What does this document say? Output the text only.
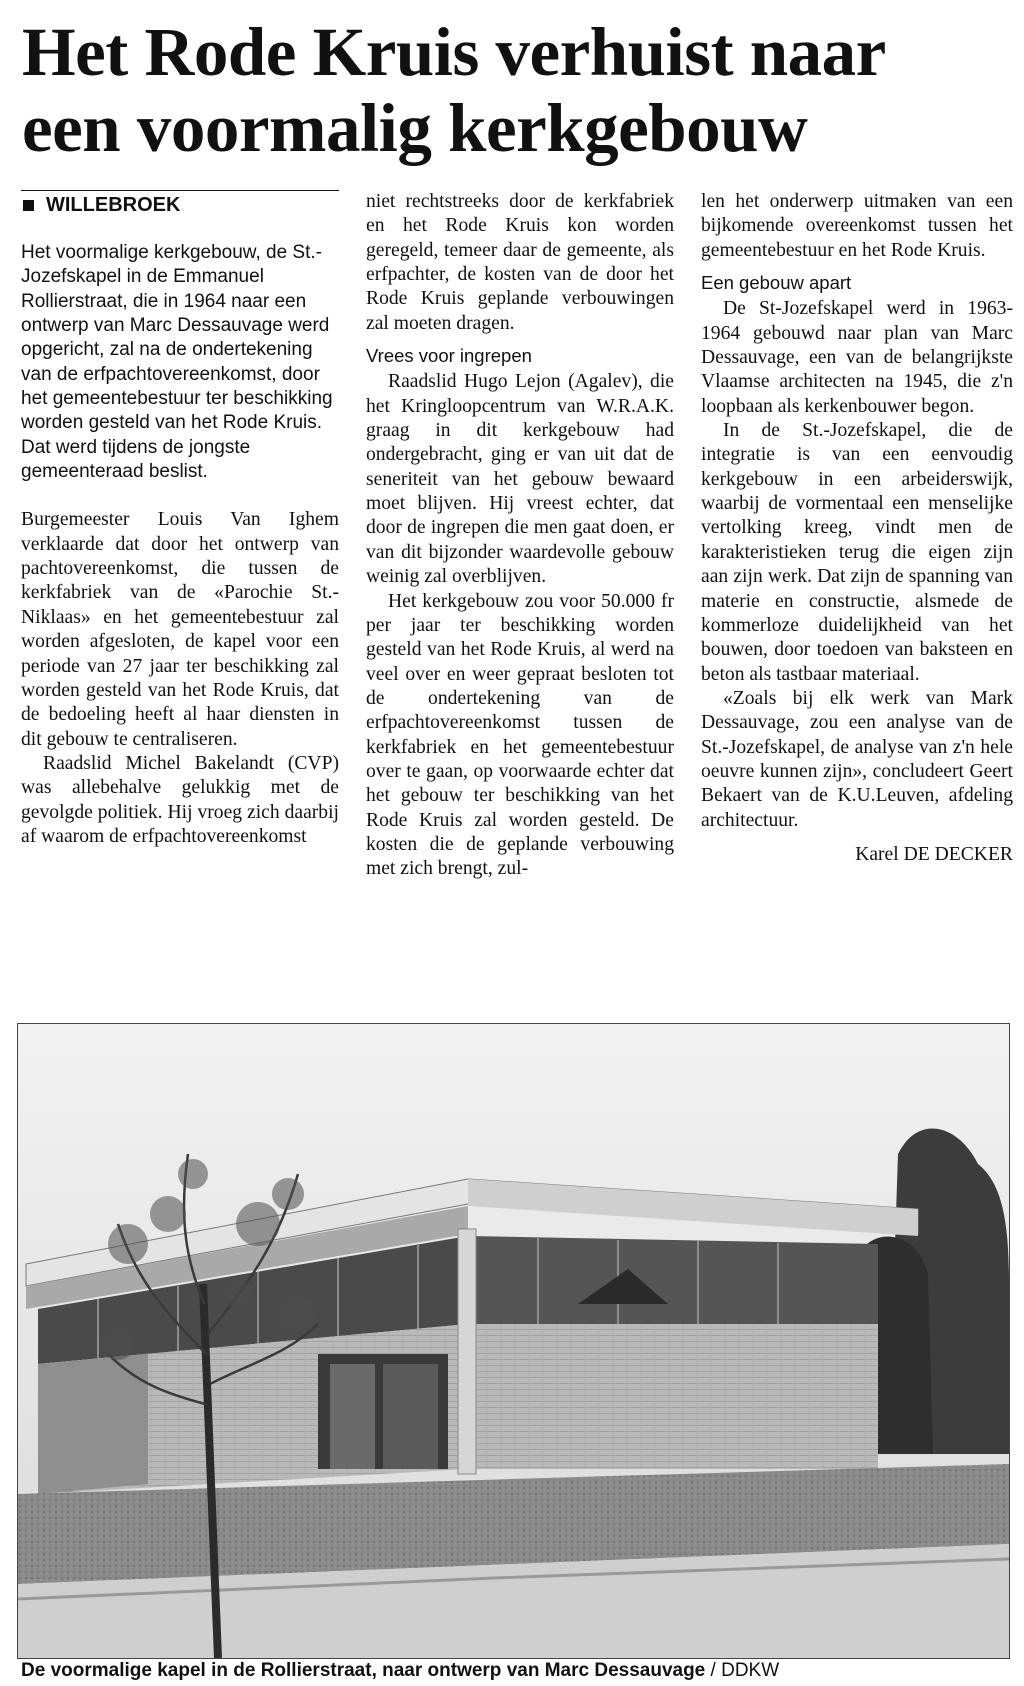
Het Rode Kruis verhuist naar
een voormalig kerkgebouw
WILLEBROEK

Het voormalige kerkgebouw, de St.-Jozefskapel in de Emmanuel Rollierstraat, die in 1964 naar een ontwerp van Marc Dessauvage werd opgericht, zal na de ondertekening van de erfpachtovereenkomst, door het gemeentebestuur ter beschikking worden gesteld van het Rode Kruis. Dat werd tijdens de jongste gemeenteraad beslist.

Burgemeester Louis Van Ighem verklaarde dat door het ontwerp van pachtovereenkomst, die tussen de kerkfabriek van de «Parochie St.-Niklaas» en het gemeentebestuur zal worden afgesloten, de kapel voor een periode van 27 jaar ter beschikking zal worden gesteld van het Rode Kruis, dat de bedoeling heeft al haar diensten in dit gebouw te centraliseren.

Raadslid Michel Bakelandt (CVP) was allebehalve gelukkig met de gevolgde politiek. Hij vroeg zich daarbij af waarom de erfpachtovereenkomst

niet rechtstreeks door de kerkfabriek en het Rode Kruis kon worden geregeld, temeer daar de gemeente, als erfpachter, de kosten van de door het Rode Kruis geplande verbouwingen zal moeten dragen.

Vrees voor ingrepen

Raadslid Hugo Lejon (Agalev), die het Kringloopcentrum van W.R.A.K. graag in dit kerkgebouw had ondergebracht, ging er van uit dat de seneriteit van het gebouw bewaard moet blijven. Hij vreest echter, dat door de ingrepen die men gaat doen, er van dit bijzonder waardevolle gebouw weinig zal overblijven.

Het kerkgebouw zou voor 50.000 fr per jaar ter beschikking worden gesteld van het Rode Kruis, al werd na veel over en weer gepraat besloten tot de ondertekening van de erfpachtovereenkomst tussen de kerkfabriek en het gemeentebestuur over te gaan, op voorwaarde echter dat het gebouw ter beschikking van het Rode Kruis zal worden gesteld. De kosten die de geplande verbouwing met zich brengt, zul-

len het onderwerp uitmaken van een bijkomende overeenkomst tussen het gemeentebestuur en het Rode Kruis.

Een gebouw apart

De St-Jozefskapel werd in 1963-1964 gebouwd naar plan van Marc Dessauvage, een van de belangrijkste Vlaamse architecten na 1945, die z'n loopbaan als kerkenbouwer begon.

In de St.-Jozefskapel, die de integratie is van een eenvoudig kerkgebouw in een arbeiderswijk, waarbij de vormentaal een menselijke vertolking kreeg, vindt men de karakteristieken terug die eigen zijn aan zijn werk. Dat zijn de spanning van materie en constructie, alsmede de kommerloze duidelijkheid van het bouwen, door toedoen van baksteen en beton als tastbaar materiaal.

«Zoals bij elk werk van Mark Dessauvage, zou een analyse van de St.-Jozefskapel, de analyse van z'n hele oeuvre kunnen zijn», concludeert Geert Bekaert van de K.U.Leuven, afdeling architectuur.

Karel DE DECKER

De voormalige kapel in de Rollierstraat, naar ontwerp van Marc Dessauvage / DDKW
